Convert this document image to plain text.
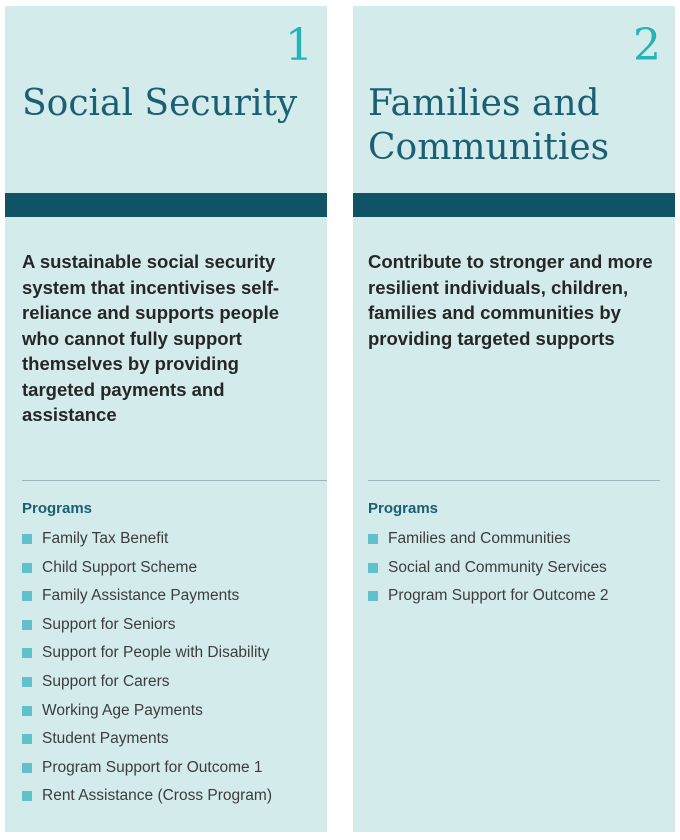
1
Social Security

A sustainable social security system that incentivises self-reliance and supports people who cannot fully support themselves by providing targeted payments and assistance

Programs
Family Tax Benefit
Child Support Scheme
Family Assistance Payments
Support for Seniors
Support for People with Disability
Support for Carers
Working Age Payments
Student Payments
Program Support for Outcome 1
Rent Assistance (Cross Program)
2
Families and Communities

Contribute to stronger and more resilient individuals, children, families and communities by providing targeted supports

Programs
Families and Communities
Social and Community Services
Program Support for Outcome 2
